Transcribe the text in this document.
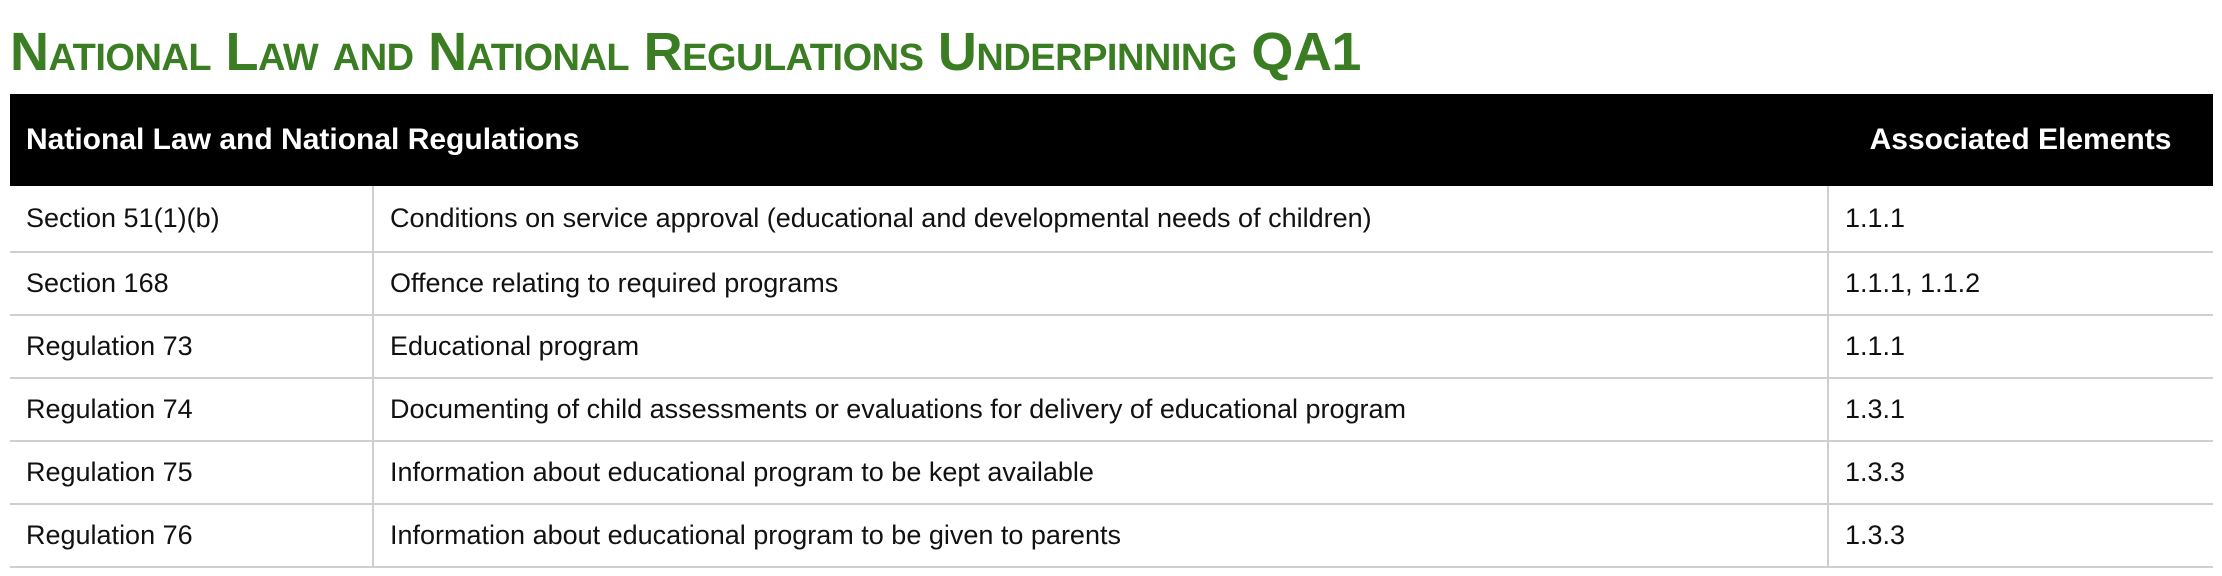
National Law and National Regulations Underpinning QA1
National Law and National Regulations		Associated Elements
Section 51(1)(b)	Conditions on service approval (educational and developmental needs of children)	1.1.1
Section 168	Offence relating to required programs	1.1.1, 1.1.2
Regulation 73	Educational program	1.1.1
Regulation 74	Documenting of child assessments or evaluations for delivery of educational program	1.3.1
Regulation 75	Information about educational program to be kept available	1.3.3
Regulation 76	Information about educational program to be given to parents	1.3.3
